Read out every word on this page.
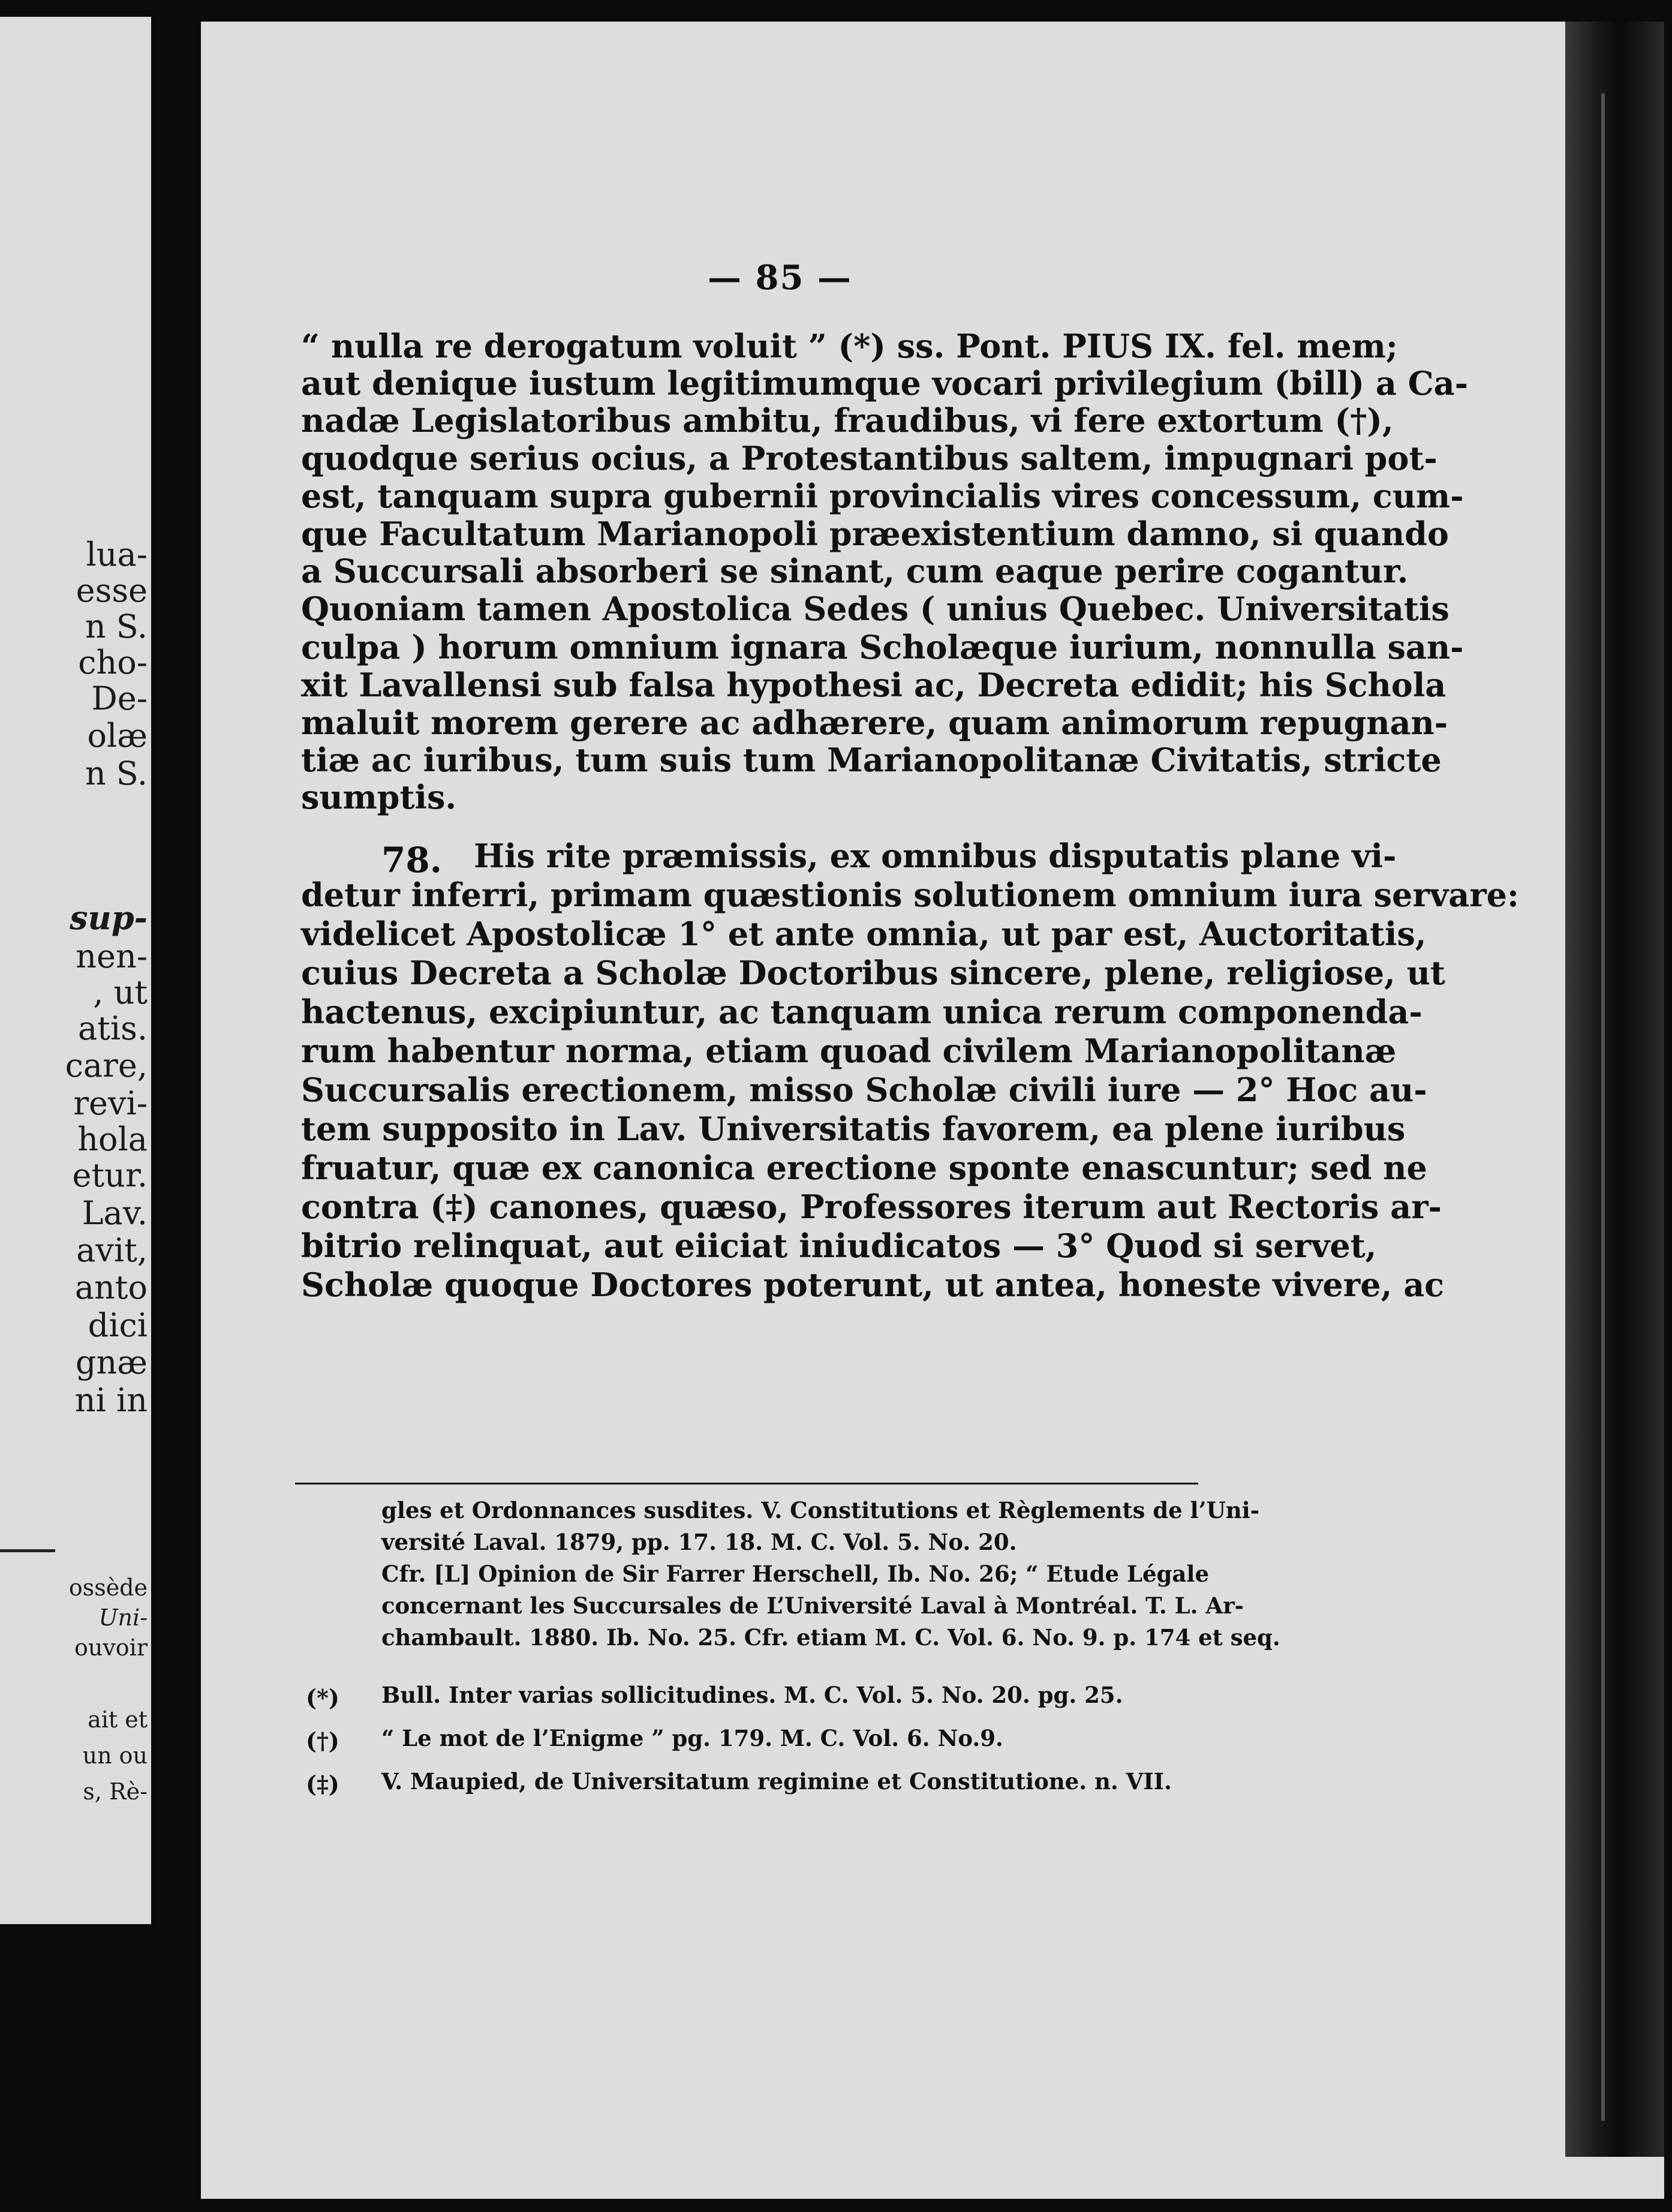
lua-
esse
n S.
cho-
De-
olæ
n S.
sup-
nen-
, ut
atis.
care,
revi-
hola
etur.
Lav.
avit,
anto
dici
gnæ
ni in
ossède
Uni-
ouvoir
ait et
un ou
s, Rè-
— 85 —
“ nulla re derogatum voluit ” (*) ss. Pont. PIUS IX. fel. mem;
aut denique iustum legitimumque vocari privilegium (bill) a Ca-
nadæ Legislatoribus ambitu, fraudibus, vi fere extortum (†),
quodque serius ocius, a Protestantibus saltem, impugnari pot-
est, tanquam supra gubernii provincialis vires concessum, cum-
que Facultatum Marianopoli præexistentium damno, si quando
a Succursali absorberi se sinant, cum eaque perire cogantur.
Quoniam tamen Apostolica Sedes ( unius Quebec. Universitatis
culpa ) horum omnium ignara Scholæque iurium, nonnulla san-
xit Lavallensi sub falsa hypothesi ac, Decreta edidit; his Schola
maluit morem gerere ac adhærere, quam animorum repugnan-
tiæ ac iuribus, tum suis tum Marianopolitanæ Civitatis, stricte
sumptis.
78. His rite præmissis, ex omnibus disputatis plane vi-
detur inferri, primam quæstionis solutionem omnium iura servare:
videlicet Apostolicæ 1° et ante omnia, ut par est, Auctoritatis,
cuius Decreta a Scholæ Doctoribus sincere, plene, religiose, ut
hactenus, excipiuntur, ac tanquam unica rerum componenda-
rum habentur norma, etiam quoad civilem Marianopolitanæ
Succursalis erectionem, misso Scholæ civili iure — 2° Hoc au-
tem supposito in Lav. Universitatis favorem, ea plene iuribus
fruatur, quæ ex canonica erectione sponte enascuntur; sed ne
contra (‡) canones, quæso, Professores iterum aut Rectoris ar-
bitrio relinquat, aut eiiciat iniudicatos — 3° Quod si servet,
Scholæ quoque Doctores poterunt, ut antea, honeste vivere, ac
gles et Ordonnances susdites. V. Constitutions et Règlements de l’Uni-
versité Laval. 1879, pp. 17. 18. M. C. Vol. 5. No. 20.
Cfr. [L] Opinion de Sir Farrer Herschell, Ib. No. 26; “ Etude Légale
concernant les Succursales de L’Université Laval à Montréal. T. L. Ar-
chambault. 1880. Ib. No. 25. Cfr. etiam M. C. Vol. 6. No. 9. p. 174 et seq.
(*) Bull. Inter varias sollicitudines. M. C. Vol. 5. No. 20. pg. 25.
(†) “ Le mot de l’Enigme ” pg. 179. M. C. Vol. 6. No.9.
(‡) V. Maupied, de Universitatum regimine et Constitutione. n. VII.
